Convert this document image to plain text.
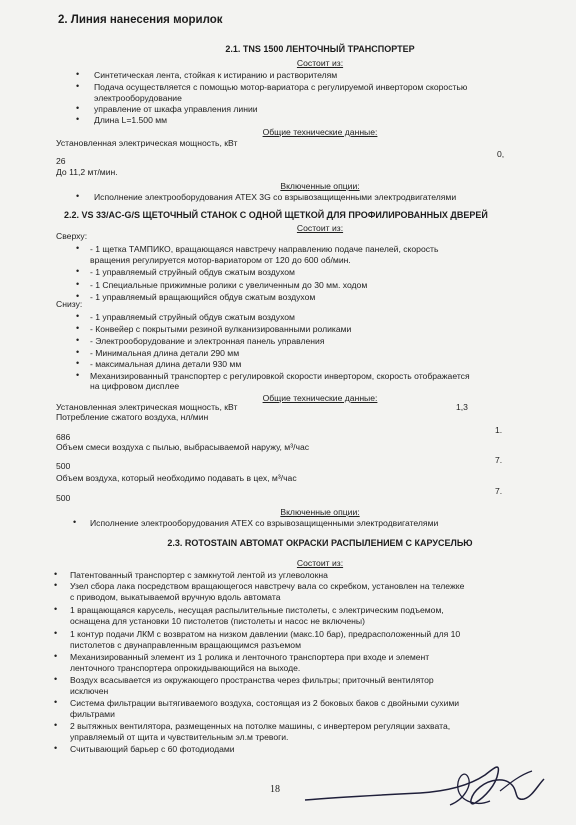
2. Линия нанесения морилок
2.1. TNS 1500 ЛЕНТОЧНЫЙ ТРАНСПОРТЕР
Состоит из:
• Синтетическая лента, стойкая к истиранию и растворителям
• Подача осуществляется с помощью мотор-вариатора с регулируемой инвертором скоростью
электрооборудование
• управление от шкафа управления линии
• Длина L=1.500 мм
Общие технические данные:
Установленная электрическая мощность, кВт
0,
26
До 11,2 мт/мин.
Включенные опции:
• Исполнение электрооборудования ATEX 3G со взрывозащищенными электродвигателями
2.2. VS 33/AC-G/S ЩЕТОЧНЫЙ СТАНОК С ОДНОЙ ЩЕТКОЙ ДЛЯ ПРОФИЛИРОВАННЫХ ДВЕРЕЙ
Состоит из:
Сверху:
• - 1 щетка ТАМПИКО, вращающаяся навстречу направлению подаче панелей, скорость
вращения регулируется мотор-вариатором от 120 до 600 об/мин.
• - 1 управляемый струйный обдув сжатым воздухом
• - 1 Специальные прижимные ролики с увеличенным до 30 мм. ходом
• - 1 управляемый вращающийся обдув сжатым воздухом
Снизу:
• - 1 управляемый струйный обдув сжатым воздухом
• - Конвейер с покрытыми резиной вулканизированными роликами
• - Электрооборудование и электронная панель управления
• - Минимальная длина детали 290 мм
• - максимальная длина детали 930 мм
• Механизированный транспортер с регулировкой скорости инвертором, скорость отображается
на цифровом дисплее
Общие технические данные:
Установленная электрическая мощность, кВт	1,3
Потребление сжатого воздуха, нл/мин
1.
686
Объем смеси воздуха с пылью, выбрасываемой наружу, м³/час
7.
500
Объем воздуха, который необходимо подавать в цех, м³/час
7.
500
Включенные опции:
• Исполнение электрооборудования ATEX со взрывозащищенными электродвигателями
2.3. ROTOSTAIN АВТОМАТ ОКРАСКИ РАСПЫЛЕНИЕМ С КАРУСЕЛЬЮ
Состоит из:
• Патентованный транспортер с замкнутой лентой из углеволокна
• Узел сбора лака посредством вращающегося навстречу вала со скребком, установлен на тележке
с приводом, выкатываемой вручную вдоль автомата
• 1 вращающаяся карусель, несущая распылительные пистолеты, с электрическим подъемом,
оснащена для установки 10 пистолетов (пистолеты и насос не включены)
• 1 контур подачи ЛКМ с возвратом на низком давлении (макс.10 бар), предрасположенный для 10
пистолетов с двунаправленным вращающимся разъемом
• Механизированный элемент из 1 ролика и ленточного транспортера при входе и элемент
ленточного транспортера опрокидывающийся на выходе.
• Воздух всасывается из окружающего пространства через фильтры; приточный вентилятор
исключен
• Система фильтрации вытягиваемого воздуха, состоящая из 2 боковых баков с двойными сухими
фильтрами
• 2 вытяжных вентилятора, размещенных на потолке машины, с инвертером регуляции захвата,
управляемый от щита и чувствительным эл.м тревоги.
• Считывающий барьер с 60 фотодиодами
18
